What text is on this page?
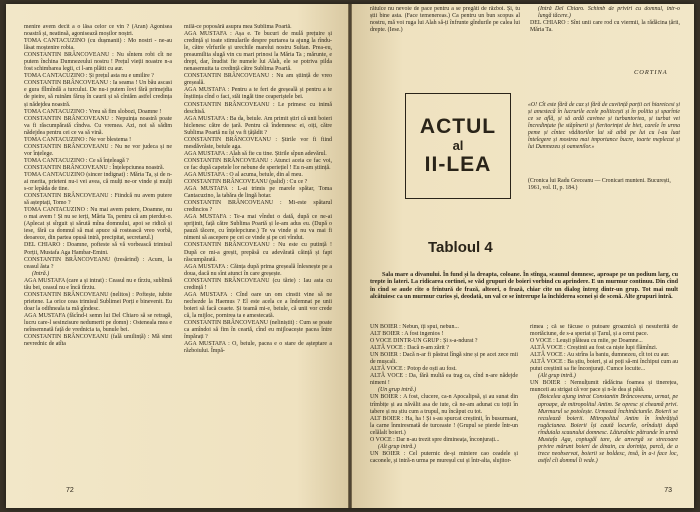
menire avem decît a o lăsa celor ce vin ? (Aran) Agonisea noastră și, neatinsă, agonisează moșilor noștri.

TOMA CANTACUZINO (cu dușmanii) : Mo nostri - ne-au lăsat moștenire robia.

CONSTANTIN BRÂNCOVEANU : Nu sîntem robi cît ne putem închina Dumnezeului nostru ! Prețul vieții noastre n-a fost schimbarea legii, ci l-am plătit cu aur.

TOMA CANTACUZINO : Și prețul asta nu e umilire ?

CONSTANTIN BRÂNCOVEANU : Ia seama ! Un bău ascasi e gura fîlmîndă a turcului. De nu-i putem îovi fără primejdia de pieire, să ruinăm făruș în caurii și să cîntăm astfel credința și nădejdea noastră.

TOMA CANTACUZINO : Vreu să fim slobozi, Doamne !

CONSTANTIN BRÂNCOVEANU : Nepuința noastră poate va fi răscumpărată cîndva. Cu vremea. Azi, noi să sădim nădejdea pentru cei ce va să vină.

TOMA CANTACUZINO : Ne vor blestema !

CONSTANTIN BRÂNCOVEANU : Nu ne vor judeca și ne vor înțelege.

TOMA CANTACUZINO : Ce să înțeleagă ?

CONSTANTIN BRÂNCOVEANU : Înțelepciunea noastră.

TOMA CANTACUZINO (sincer indignat) : Măria Ta, și de n-ai merita, prieteni nu-i vei avea, că mulți ne-or vinde și mulți s-or lepăda de tine.

CONSTANTIN BRÂNCOVEANU : Fiindcă nu avem putere să așteptați, Tomo ?

TOMA CANTACUZINO : Nu mai avem putere, Doamne, nu o mai avem ! Și nu se ierți, Măria Ta, pentru că am pierdut-o. (Aplecat și sîrguit și sărută mîna domnului, apoi se ridică și iese, fără ca domnul să mai apuce să rostească vreo vorbă, deoarece, din partea opusă intră, precipitat, secretarul.)

DEL CHIARO : Doamne, pofteste să vă vorbească trimisul Porții, Mustafa Aga Hambar-Emini.

CONSTANTIN BRÂNCOVEANU (tresărind) : Acum, la ceasul ăsta ?

(Intră.)

AGA MUSTAFA (care a și intrat) : Ceasul nu e tîrziu, sublimă tău bei, ceasul nu e încă tîrziu.

CONSTANTIN BRÂNCOVEANU (nelitos) : Poftește, iubite prietene. La orice ceas trimisul Sublimei Porți e binevenit. Eu doar la odihneala ta mă gîndesc.

AGA MUSTAFA (făcînd-i semn lui Del Chiaro să se retragă, lucru care-l sesinzisure nedumerit pe domn) : Osteneala mea e neînsemnată față de vrednicia ta, bunule bei.

CONSTANTIN BRÂNCOVEANU (fală umilință) : Mă simt nevrednic de atîta

milă-ce poposără asupra mea Sublima Poartă.

AGA MUSTAFA : Așa e. Te bucuri de mulă prețuire și credință și toate stimularile despre purtarea ta ajung la rîndu-le, către vîrfurile și urechile marelui nostru Sultan. Prea-eu, preaumilita slugă vin cu mari prinosi la Măria Ta ; mărunte, e drept, dar, înudist fie numele lui Alah, ele se potriva pilda nenasemuita ta credință către Sublima Poartă.

CONSTANTIN BRÂNCOVEANU : Nu am știință de vreo greșeală.

AGA MUSTAFA : Pentru a te feri de greșeală și pentru a te înștiința cînd o faci, stăi ingăi tine ceaperiștele bei.

CONSTANTIN BRÂNCOVEANU : Le primesc cu inimă deschisă.

AGA MUSTAFA : Ba da, beiule. Am primit știri că unii boieri hiclenesc către de țară. Pentru că îndemnesc ei, oiți, către Sublima Poartă nu își va fi țățădit ?

CONSTANTIN BRÂNCOVEANU : Știrile vor fi fiind mesdăvrăste, beiule aga.

AGA MUSTAFA : Alah să fie cu tine. Știrile sîpun adevărul.

CONSTANTIN BRÂNCOVEANU : Atunci aceia ce fac voi, ce fac după capetele lor nebune de speriețiel ! Eu n-am știință.

AGA MUSTAFA : O al acuma, beiule, din al meu.

CONSTANTIN BRÂNCOVEANU (palid) : Cu ce ?

AGA MUSTAFA : L-ai trimis pe marele spătar, Toma Cantacuzino, la tabăra de lingă hotar.

CONSTANTIN BRÂNCOVEANU : Mi-este spătarul credincios ?

AGA MUSTAFA : Te-a mai vîndut o dată, după ce ne-ai sprijinit, față către Sublima Poartă și le-am adus eu. (După o pauză tăcere, cu înțelepciune.) Te va vinde și nu va mai fi nimeni să ascepere pe cei ce vinde și pe cei vîndut.

CONSTANTIN BRÂNCOVEANU : Nu este cu putință ! După ce mi-a greșit, prepăsă cu adevărată căință și fapt răscumpărată.

AGA MUSTAFA : Căința după prima greșeală înlesnește pe a doua, dacă nu sînt atunci în care greșește.

CONSTANTIN BRÂNCOVEANU (cu tărie) : Iau asta cu credință !

AGA MUSTAFA : Cînd oare un om cinstit vine să ne nechezde la Haemus ? El este acela ce a îndemnat pe unii boieri să facă ceaete. Și teamă mi-e, beiule, că unii vor crede că, la mijloc, pornirea ta e amestecată.

CONSTANTIN BRÂNCOVEANU (neliniștit) : Cum se poate ca amîndoi să fim în ceartă, cînd eu mijloacește pacea între împărați ?

AGA MUSTAFA : O, beiule, pacea e o stare de așteptare a războiului. Împă-

72

rătulce nu nevoie de pace pentru a se pregăti de război. Și, tu știi bine asta. (Face temenereas.) Ca pentru un bun scopus al nostru, mă voi ruga lui Alah să-ți înfrunte gîndurile pe calea lui drepte. (Iese.)

(Intră Del Chiaro. Schimb de priviri cu domnul, într-o lungă tăcere.)

DEL CHIARO : Sînt unii care rod cu viermii, la rădăcina țării, Măria Ta.

CORTINA
ACTUL
al
II-LEA
«O! Cît este fără de caz și fără de cuviință parții cei hiareicesi și și amestecă în lucrurile ecele politicești și în politia și sparînie ce se află, și să ardă cavinee și turbantoriea, și turbat vei încredințate fie stăpînerii și fieritorințet de biet, carele în urma peme și cîntec văditorilor lui să aibă pe lui cu l-au luat întelegere și mostrea mai importance bucre, toarte meplecut și lui Dumnezeu și oamenilor.»
(Cronica lui Radu Greceanu — Cronicari munteni. București, 1961, vol. II, p. 184.)
Tabloul 4
Sala mare a divanului. În fund și la dreapta, coloane. În stînga, scaunul domnesc, aproape pe un podium larg, cu trepte în lateri. La ridicarea cortinei, se văd grupuri de boieri vorbind cu aprindere. E un murmur continuu. Din cînd în cînd se aude cîte o frîntură de frază, alteori, o frază, chiar cîte un dialog întreg dintr-un grup. Tot mai mult alcătuiesc ca un murmur curios și, deodată, un val ce se întrerupe la închiderea scenei și de scenă. Alte grupuri intră.

UN BOIER : Nebun, îți spui, nebun...

ALT BOIER : A fost ingenios !

O VOCE DINTR-UN GRUP : Și s-a-ndurat ?

ALTĂ VOCE : Dacă n-am zărit ?

UN BOIER : Dacă n-ar fi păstrat lîngă sine și pe acei zece mii de mușcali.

ALTĂ VOCE : Potop de oști au fost.

ALTĂ VOCE : Da, fără multă ea trag ca, cînd n-are nădejde nimeni !

(Un grup intră.)

UN BOIER : A fost, clucere, ca-n Apocalipsă, și au sunat din trîmbițe și au năvălit asa de iute, că ne-am adunat cu toții în tabere și nu știu cum a trupul, nu încăput cu tot.

ALT BOIER : Ha, ha ! Și s-au spurcat creștinii, în busurmani, la carne înmiresmată de turceaste ! (Grupul se pierde într-un celălalt boieri.)

O VOCE : Dar n-au trezit spre dimineața, înconjurați...

(Alt grup intră.)

UN BOIER : Cel puternic de-și miniere cao ceadele și caconele, și intră-n urma pe mureșul cui și într-alta, slujitor-

rimea ; că se făcuse o putoare groaznică și nesuferită de mortăciune, de s-a speriat și Țarul, și a cerut pace.

O VOCE : Leușii plăteau cu miie, pe Doamne...

ALTĂ VOCE : Creștinii au fost ca niște lupi flămînzi.

ALTĂ VOCE : Au strîns la baniu, dumnezeu, cît tot cu aur.

ALTĂ VOCE : Ba știu, boieri, și ai poți să-mi închipui cum au putut creștinii sa fie înconjurați. Cumce locuite...

(Alt grup intră.)

UN BOIER : Nemulțumit rădăcina foamea și tinerețea, munceii au strigat că vor pace și n-le dea și pătă.

(Boicelea ajung intrat Constantin Brâncoveanu, urmat, pe aproape, de mitropolitul Antim. Se opresc și cheamă privi. Murmurul se potolește. Urmează închinăciunile. Boierii se reculează boierii. Mitropolitul Antim în îmbrățișă rugăciunea. Boierii își caută locurile, orînduiți după rînduiala scaunului domnesc. Lăturalnic pătrunde în urmă Mustafa Aga, copiugăl tare, de anvergă se strecoare privire mărunt boieri de dinain, cu dorinița, parcă, de a trece neobservat, boierii se boldesc, insă, în a-i face loc, astfel cîi domnul îi vede.)

73
